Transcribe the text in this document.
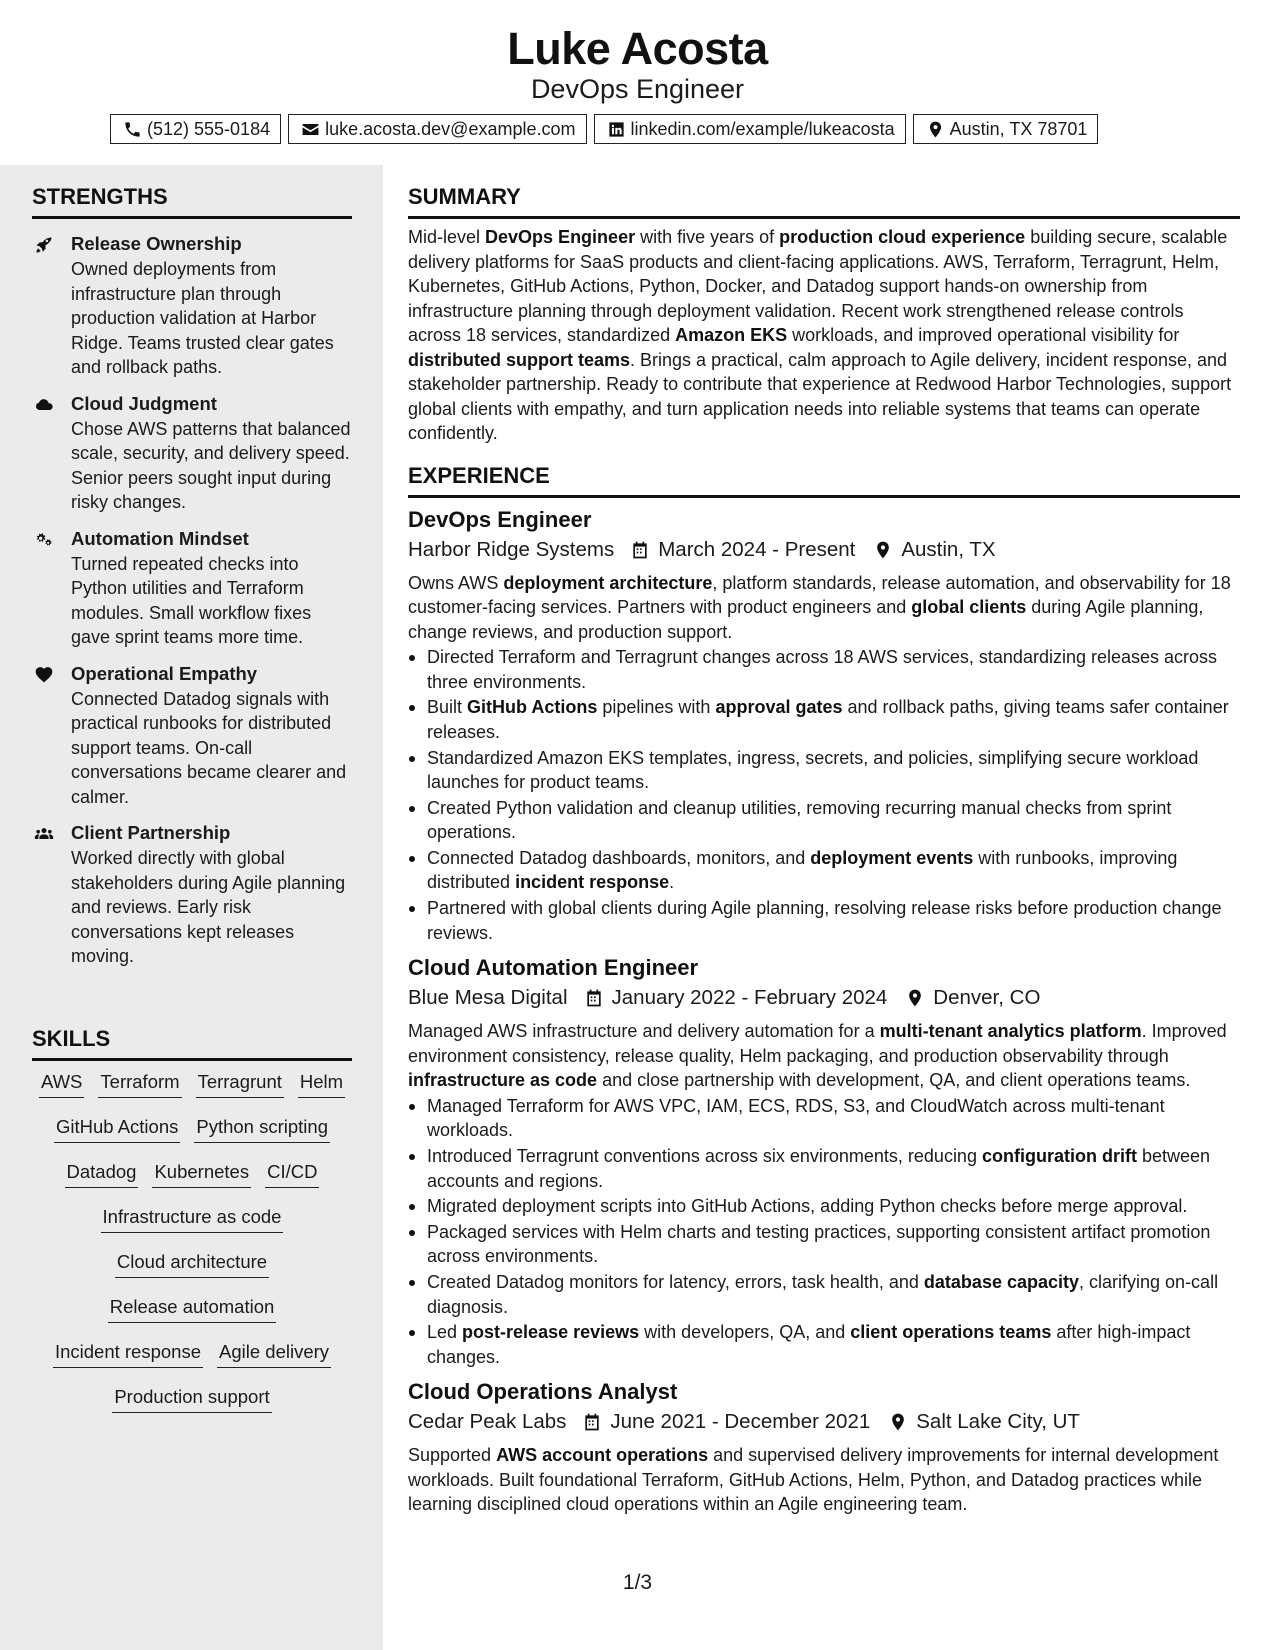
Luke Acosta
DevOps Engineer
(512) 555-0184	luke.acosta.dev@example.com	linkedin.com/example/lukeacosta	Austin, TX 78701
STRENGTHS
Release Ownership
Owned deployments from infrastructure plan through production validation at Harbor Ridge. Teams trusted clear gates and rollback paths.
Cloud Judgment
Chose AWS patterns that balanced scale, security, and delivery speed. Senior peers sought input during risky changes.
Automation Mindset
Turned repeated checks into Python utilities and Terraform modules. Small workflow fixes gave sprint teams more time.
Operational Empathy
Connected Datadog signals with practical runbooks for distributed support teams. On-call conversations became clearer and calmer.
Client Partnership
Worked directly with global stakeholders during Agile planning and reviews. Early risk conversations kept releases moving.
SKILLS
AWS Terraform Terragrunt Helm
GitHub Actions Python scripting
Datadog Kubernetes CI/CD
Infrastructure as code
Cloud architecture
Release automation
Incident response Agile delivery
Production support
SUMMARY
Mid-level DevOps Engineer with five years of production cloud experience building secure, scalable delivery platforms for SaaS products and client-facing applications. AWS, Terraform, Terragrunt, Helm, Kubernetes, GitHub Actions, Python, Docker, and Datadog support hands-on ownership from infrastructure planning through deployment validation. Recent work strengthened release controls across 18 services, standardized Amazon EKS workloads, and improved operational visibility for distributed support teams. Brings a practical, calm approach to Agile delivery, incident response, and stakeholder partnership. Ready to contribute that experience at Redwood Harbor Technologies, support global clients with empathy, and turn application needs into reliable systems that teams can operate confidently.
EXPERIENCE
DevOps Engineer
Harbor Ridge Systems March 2024 - Present Austin, TX
Owns AWS deployment architecture, platform standards, release automation, and observability for 18 customer-facing services. Partners with product engineers and global clients during Agile planning, change reviews, and production support.
Directed Terraform and Terragrunt changes across 18 AWS services, standardizing releases across three environments.
Built GitHub Actions pipelines with approval gates and rollback paths, giving teams safer container releases.
Standardized Amazon EKS templates, ingress, secrets, and policies, simplifying secure workload launches for product teams.
Created Python validation and cleanup utilities, removing recurring manual checks from sprint operations.
Connected Datadog dashboards, monitors, and deployment events with runbooks, improving distributed incident response.
Partnered with global clients during Agile planning, resolving release risks before production change reviews.
Cloud Automation Engineer
Blue Mesa Digital January 2022 - February 2024 Denver, CO
Managed AWS infrastructure and delivery automation for a multi-tenant analytics platform. Improved environment consistency, release quality, Helm packaging, and production observability through infrastructure as code and close partnership with development, QA, and client operations teams.
Managed Terraform for AWS VPC, IAM, ECS, RDS, S3, and CloudWatch across multi-tenant workloads.
Introduced Terragrunt conventions across six environments, reducing configuration drift between accounts and regions.
Migrated deployment scripts into GitHub Actions, adding Python checks before merge approval.
Packaged services with Helm charts and testing practices, supporting consistent artifact promotion across environments.
Created Datadog monitors for latency, errors, task health, and database capacity, clarifying on-call diagnosis.
Led post-release reviews with developers, QA, and client operations teams after high-impact changes.
Cloud Operations Analyst
Cedar Peak Labs June 2021 - December 2021 Salt Lake City, UT
Supported AWS account operations and supervised delivery improvements for internal development workloads. Built foundational Terraform, GitHub Actions, Helm, Python, and Datadog practices while learning disciplined cloud operations within an Agile engineering team.
1/3
